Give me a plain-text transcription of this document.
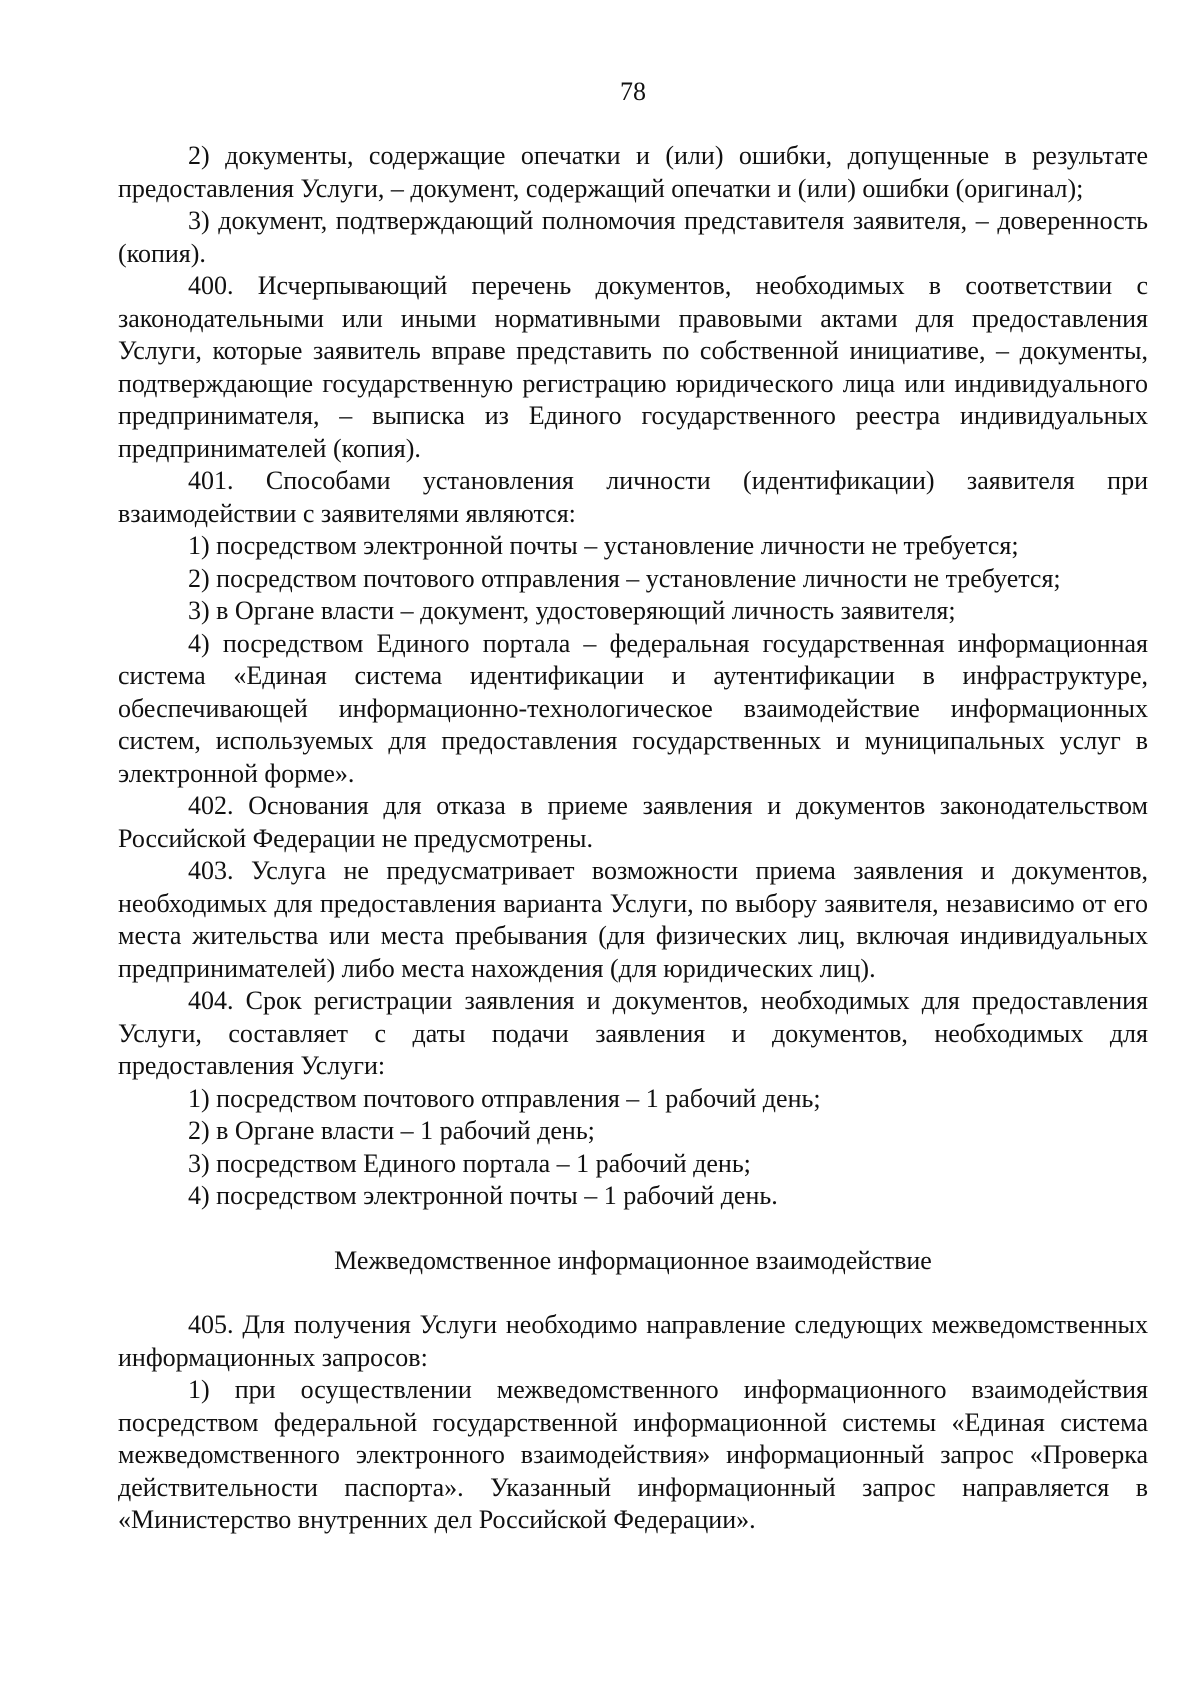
78

2) документы, содержащие опечатки и (или) ошибки, допущенные в результате предоставления Услуги, – документ, содержащий опечатки и (или) ошибки (оригинал);

3) документ, подтверждающий полномочия представителя заявителя, – доверенность (копия).

400. Исчерпывающий перечень документов, необходимых в соответствии с законодательными или иными нормативными правовыми актами для предоставления Услуги, которые заявитель вправе представить по собственной инициативе, – документы, подтверждающие государственную регистрацию юридического лица или индивидуального предпринимателя, – выписка из Единого государственного реестра индивидуальных предпринимателей (копия).

401. Способами установления личности (идентификации) заявителя при взаимодействии с заявителями являются:

1) посредством электронной почты – установление личности не требуется;

2) посредством почтового отправления – установление личности не требуется;

3) в Органе власти – документ, удостоверяющий личность заявителя;

4) посредством Единого портала – федеральная государственная информационная система «Единая система идентификации и аутентификации в инфраструктуре, обеспечивающей информационно-технологическое взаимодействие информационных систем, используемых для предоставления государственных и муниципальных услуг в электронной форме».

402. Основания для отказа в приеме заявления и документов законодательством Российской Федерации не предусмотрены.

403. Услуга не предусматривает возможности приема заявления и документов, необходимых для предоставления варианта Услуги, по выбору заявителя, независимо от его места жительства или места пребывания (для физических лиц, включая индивидуальных предпринимателей) либо места нахождения (для юридических лиц).

404. Срок регистрации заявления и документов, необходимых для предоставления Услуги, составляет с даты подачи заявления и документов, необходимых для предоставления Услуги:

1) посредством почтового отправления – 1 рабочий день;

2) в Органе власти – 1 рабочий день;

3) посредством Единого портала – 1 рабочий день;

4) посредством электронной почты – 1 рабочий день.

Межведомственное информационное взаимодействие

405. Для получения Услуги необходимо направление следующих межведомственных информационных запросов:

1) при осуществлении межведомственного информационного взаимодействия посредством федеральной государственной информационной системы «Единая система межведомственного электронного взаимодействия» информационный запрос «Проверка действительности паспорта». Указанный информационный запрос направляется в «Министерство внутренних дел Российской Федерации».
